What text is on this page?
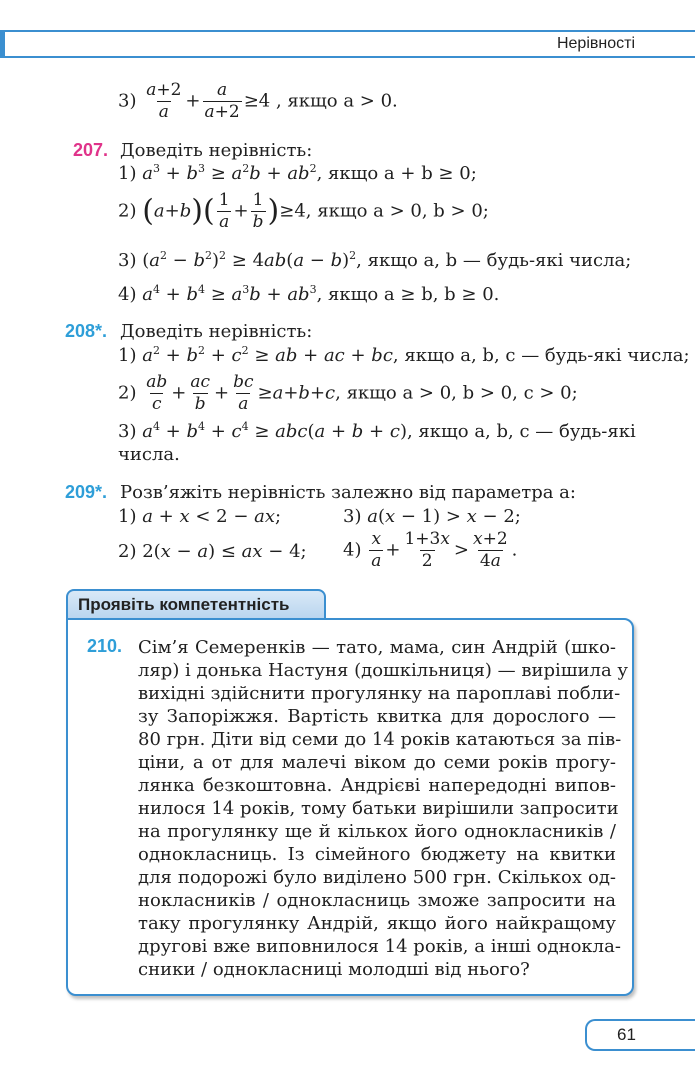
Нерівності
$3) \frac{a+2}{a} + \frac{a}{a+2} \ge 4$ , якщо a > 0.
207. Доведіть нерівність:
1) $a^3 + b^3 \ge a^2b + ab^2$, якщо a + b ≥ 0;
2) $(a+b)( \frac{1}{a} + \frac{1}{b} )\ge 4$, якщо a > 0, b > 0;
3) $(a^2 - b^2)^2 \ge 4ab(a - b)^2$, якщо a, b — будь-які числа;
4) $a^4 + b^4 \ge a^3b + ab^3$, якщо a ≥ b, b ≥ 0.
208*. Доведіть нерівність:
1) $a^2 + b^2 + c^2$ ≥ ab + ac + bc, якщо a, b, c — будь-які числа;
$2) \frac{ab}{c} + \frac{ac}{b} + \frac{bc}{a} \ge a+b+c$, якщо a > 0, b > 0, c > 0;
3) $a^4 + b^4 + c^4 \ge abc(a + b + c)$, якщо a, b, c — будь-які
числа.
209*. Розв’яжіть нерівність залежно від параметра a:
1) a + x < 2 − ax;	3) a(x − 1) > x − 2;
2) 2(x − a) ≤ ax − 4; $4) \frac{x}{a} + \frac{1+3x}{2} > \frac{x+2}{4a}$ .
Проявіть компетентність
210. Сім’я Семеренків — тато, мама, син Андрій (шко-
ляр) і донька Настуня (дошкільниця) — вирішила у
вихідні здійснити прогулянку на пароплаві побли-
зу Запоріжжя. Вартість квитка для дорослого —
80 грн. Діти від семи до 14 років катаються за пів-
ціни, а от для малечі віком до семи років прогу-
лянка безкоштовна. Андрієві напередодні випов-
нилося 14 років, тому батьки вирішили запросити
на прогулянку ще й кількох його однокласників /
однокласниць. Із сімейного бюджету на квитки
для подорожі було виділено 500 грн. Скількох од-
нокласників / однокласниць зможе запросити на
таку прогулянку Андрій, якщо його найкращому
другові вже виповнилося 14 років, а інші однокла-
сники / однокласниці молодші від нього?
61
